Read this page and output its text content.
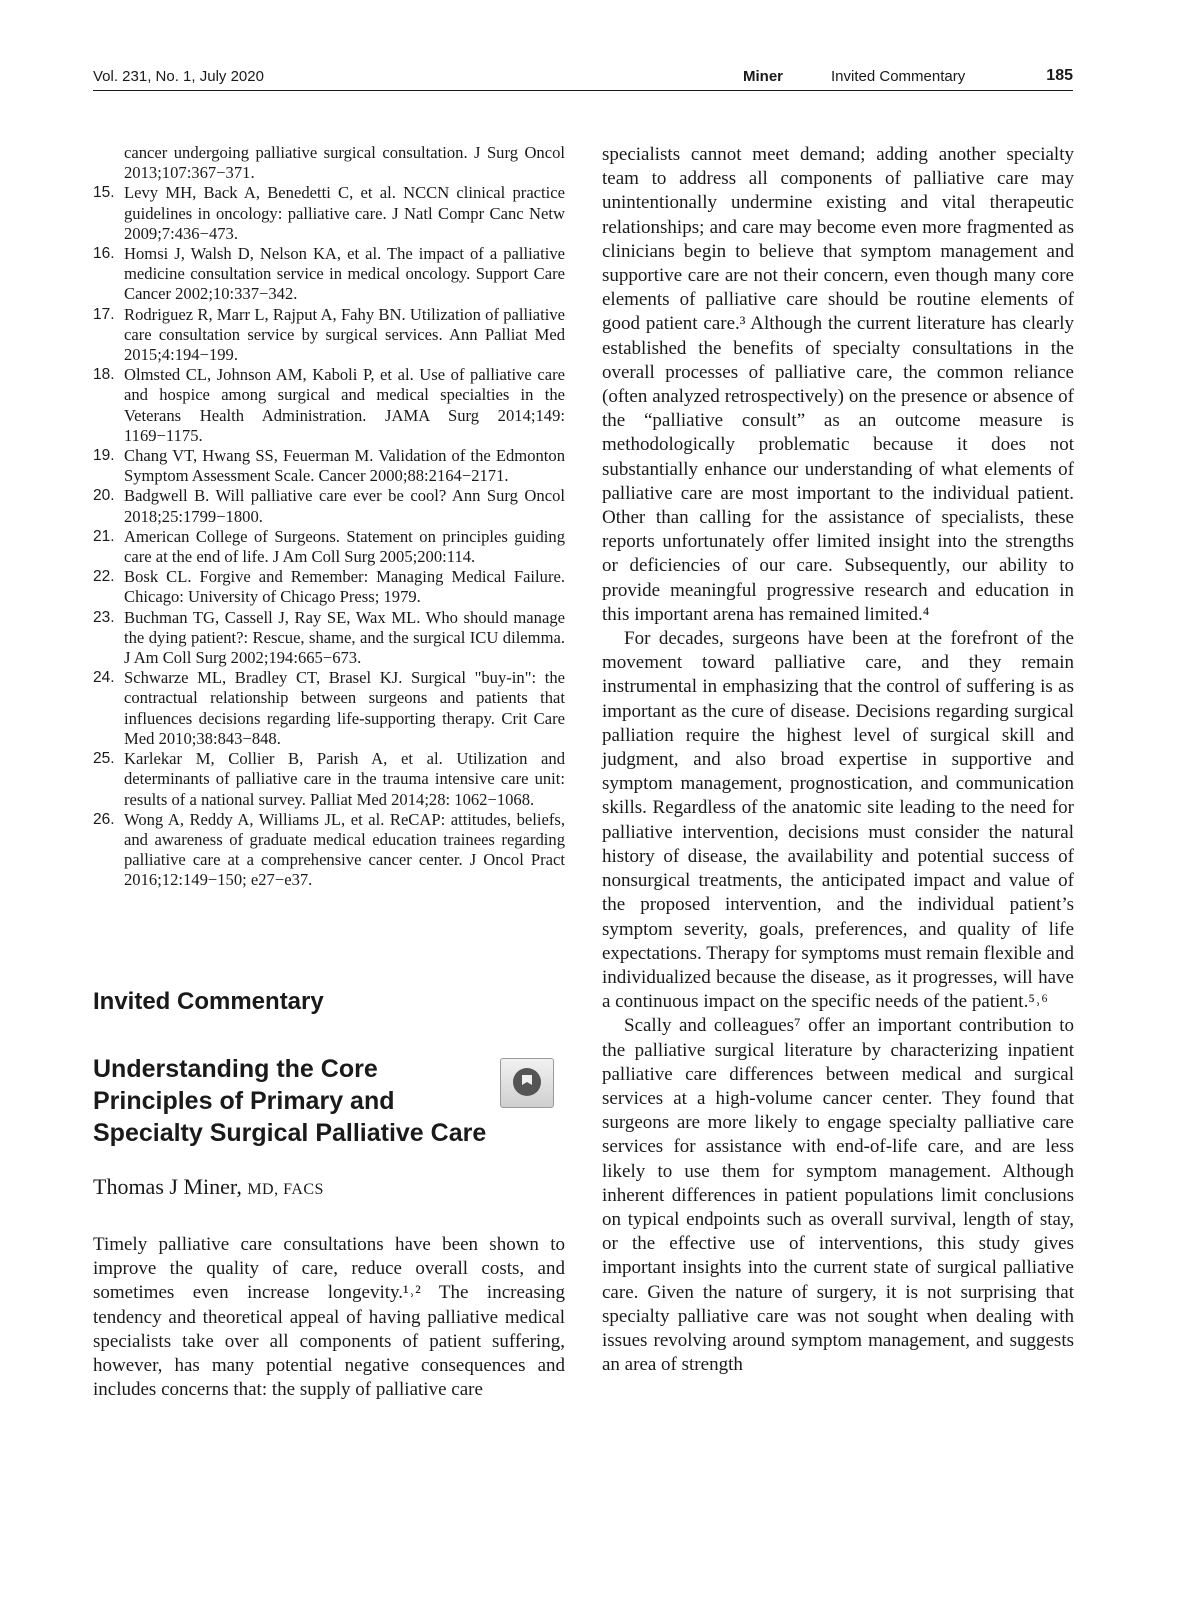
Vol. 231, No. 1, July 2020	Miner	Invited Commentary	185
cancer undergoing palliative surgical consultation. J Surg Oncol 2013;107:367−371.
15. Levy MH, Back A, Benedetti C, et al. NCCN clinical practice guidelines in oncology: palliative care. J Natl Compr Canc Netw 2009;7:436−473.
16. Homsi J, Walsh D, Nelson KA, et al. The impact of a palliative medicine consultation service in medical oncology. Support Care Cancer 2002;10:337−342.
17. Rodriguez R, Marr L, Rajput A, Fahy BN. Utilization of palliative care consultation service by surgical services. Ann Palliat Med 2015;4:194−199.
18. Olmsted CL, Johnson AM, Kaboli P, et al. Use of palliative care and hospice among surgical and medical specialties in the Veterans Health Administration. JAMA Surg 2014;149: 1169−1175.
19. Chang VT, Hwang SS, Feuerman M. Validation of the Edmonton Symptom Assessment Scale. Cancer 2000;88:2164−2171.
20. Badgwell B. Will palliative care ever be cool? Ann Surg Oncol 2018;25:1799−1800.
21. American College of Surgeons. Statement on principles guiding care at the end of life. J Am Coll Surg 2005;200:114.
22. Bosk CL. Forgive and Remember: Managing Medical Failure. Chicago: University of Chicago Press; 1979.
23. Buchman TG, Cassell J, Ray SE, Wax ML. Who should manage the dying patient?: Rescue, shame, and the surgical ICU dilemma. J Am Coll Surg 2002;194:665−673.
24. Schwarze ML, Bradley CT, Brasel KJ. Surgical "buy-in": the contractual relationship between surgeons and patients that influences decisions regarding life-supporting therapy. Crit Care Med 2010;38:843−848.
25. Karlekar M, Collier B, Parish A, et al. Utilization and determinants of palliative care in the trauma intensive care unit: results of a national survey. Palliat Med 2014;28: 1062−1068.
26. Wong A, Reddy A, Williams JL, et al. ReCAP: attitudes, beliefs, and awareness of graduate medical education trainees regarding palliative care at a comprehensive cancer center. J Oncol Pract 2016;12:149−150; e27−e37.
Invited Commentary
Understanding the Core
Principles of Primary and
Specialty Surgical Palliative Care
Thomas J Miner, MD, FACS

Timely palliative care consultations have been shown to improve the quality of care, reduce overall costs, and sometimes even increase longevity.¹˒² The increasing tendency and theoretical appeal of having palliative medical specialists take over all components of patient suffering, however, has many potential negative consequences and includes concerns that: the supply of palliative care

specialists cannot meet demand; adding another specialty team to address all components of palliative care may unintentionally undermine existing and vital therapeutic relationships; and care may become even more fragmented as clinicians begin to believe that symptom management and supportive care are not their concern, even though many core elements of palliative care should be routine elements of good patient care.³ Although the current literature has clearly established the benefits of specialty consultations in the overall processes of palliative care, the common reliance (often analyzed retrospectively) on the presence or absence of the “palliative consult” as an outcome measure is methodologically problematic because it does not substantially enhance our understanding of what elements of palliative care are most important to the individual patient. Other than calling for the assistance of specialists, these reports unfortunately offer limited insight into the strengths or deficiencies of our care. Subsequently, our ability to provide meaningful progressive research and education in this important arena has remained limited.⁴

For decades, surgeons have been at the forefront of the movement toward palliative care, and they remain instrumental in emphasizing that the control of suffering is as important as the cure of disease. Decisions regarding surgical palliation require the highest level of surgical skill and judgment, and also broad expertise in supportive and symptom management, prognostication, and communication skills. Regardless of the anatomic site leading to the need for palliative intervention, decisions must consider the natural history of disease, the availability and potential success of nonsurgical treatments, the anticipated impact and value of the proposed intervention, and the individual patient’s symptom severity, goals, preferences, and quality of life expectations. Therapy for symptoms must remain flexible and individualized because the disease, as it progresses, will have a continuous impact on the specific needs of the patient.⁵˒⁶

Scally and colleagues⁷ offer an important contribution to the palliative surgical literature by characterizing inpatient palliative care differences between medical and surgical services at a high-volume cancer center. They found that surgeons are more likely to engage specialty palliative care services for assistance with end-of-life care, and are less likely to use them for symptom management. Although inherent differences in patient populations limit conclusions on typical endpoints such as overall survival, length of stay, or the effective use of interventions, this study gives important insights into the current state of surgical palliative care. Given the nature of surgery, it is not surprising that specialty palliative care was not sought when dealing with issues revolving around symptom management, and suggests an area of strength
